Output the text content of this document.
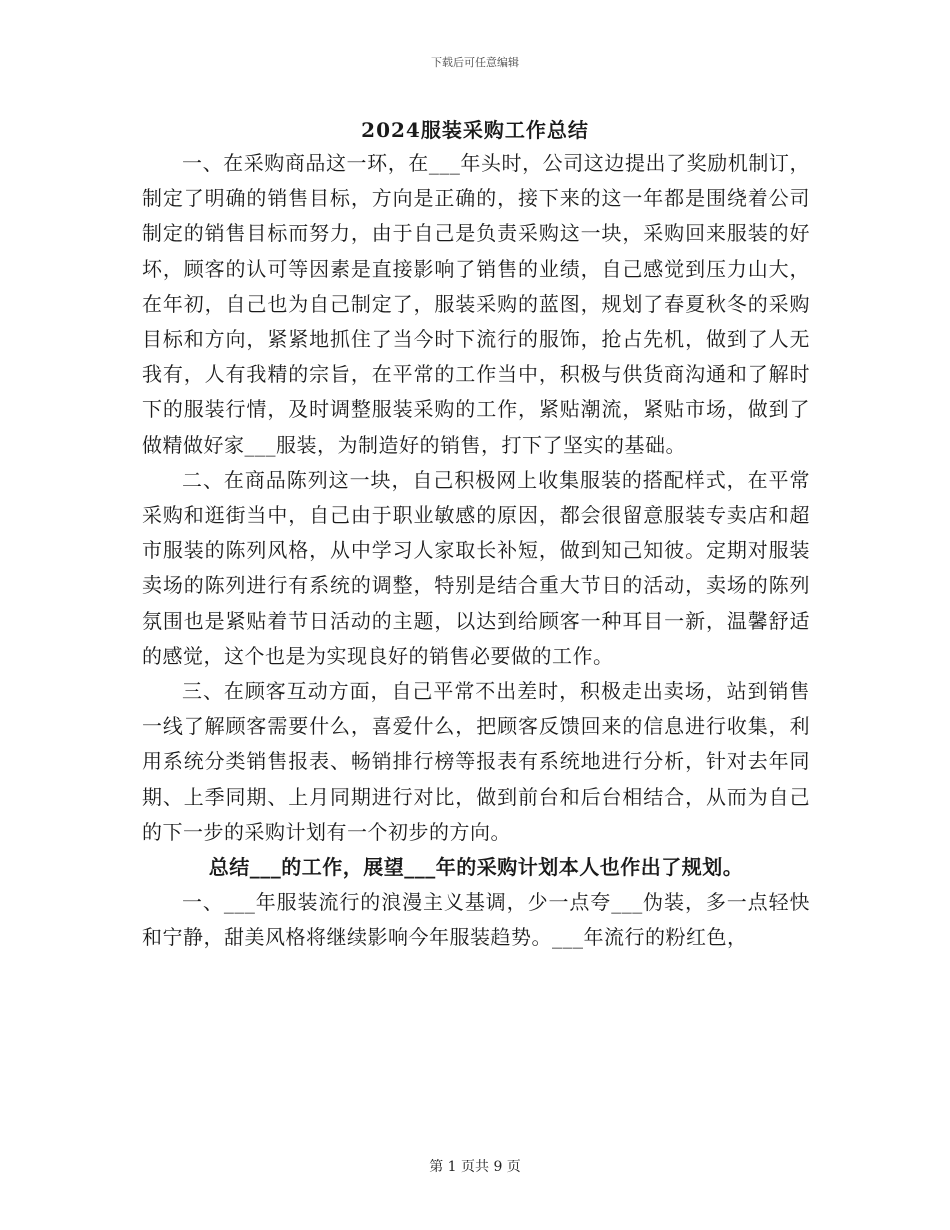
下载后可任意编辑
2024服装采购工作总结

一、在采购商品这一环，在___年头时，公司这边提出了奖励机制订，制定了明确的销售目标，方向是正确的，接下来的这一年都是围绕着公司制定的销售目标而努力，由于自己是负责采购这一块，采购回来服装的好坏，顾客的认可等因素是直接影响了销售的业绩，自己感觉到压力山大，在年初，自己也为自己制定了，服装采购的蓝图，规划了春夏秋冬的采购目标和方向，紧紧地抓住了当今时下流行的服饰，抢占先机，做到了人无我有，人有我精的宗旨，在平常的工作当中，积极与供货商沟通和了解时下的服装行情，及时调整服装采购的工作，紧贴潮流，紧贴市场，做到了做精做好家___服装，为制造好的销售，打下了坚实的基础。

二、在商品陈列这一块，自己积极网上收集服装的搭配样式，在平常采购和逛街当中，自己由于职业敏感的原因，都会很留意服装专卖店和超市服装的陈列风格，从中学习人家取长补短，做到知己知彼。定期对服装卖场的陈列进行有系统的调整，特别是结合重大节日的活动，卖场的陈列氛围也是紧贴着节日活动的主题，以达到给顾客一种耳目一新，温馨舒适的感觉，这个也是为实现良好的销售必要做的工作。

三、在顾客互动方面，自己平常不出差时，积极走出卖场，站到销售一线了解顾客需要什么，喜爱什么，把顾客反馈回来的信息进行收集，利用系统分类销售报表、畅销排行榜等报表有系统地进行分析，针对去年同期、上季同期、上月同期进行对比，做到前台和后台相结合，从而为自己的下一步的采购计划有一个初步的方向。

总结___的工作，展望___年的采购计划本人也作出了规划。

一、___年服装流行的浪漫主义基调，少一点夸___伪装，多一点轻快和宁静，甜美风格将继续影响今年服装趋势。___年流行的粉红色，

第 1 页共 9 页
